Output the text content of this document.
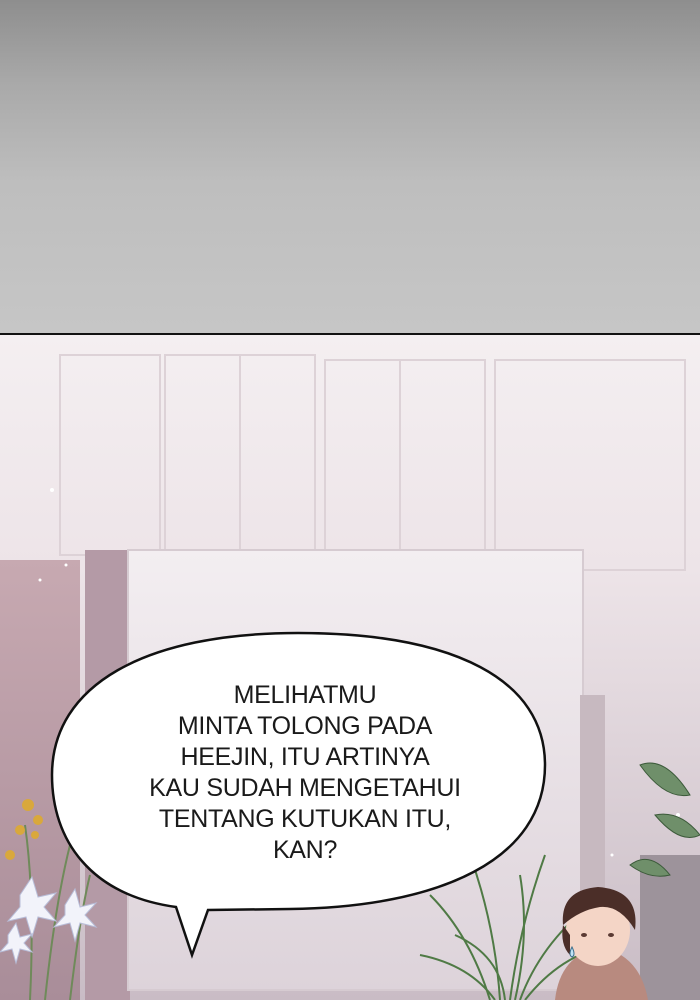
MELIHATMU
MINTA TOLONG PADA
HEEJIN, ITU ARTINYA
KAU SUDAH MENGETAHUI
TENTANG KUTUKAN ITU,
KAN?
